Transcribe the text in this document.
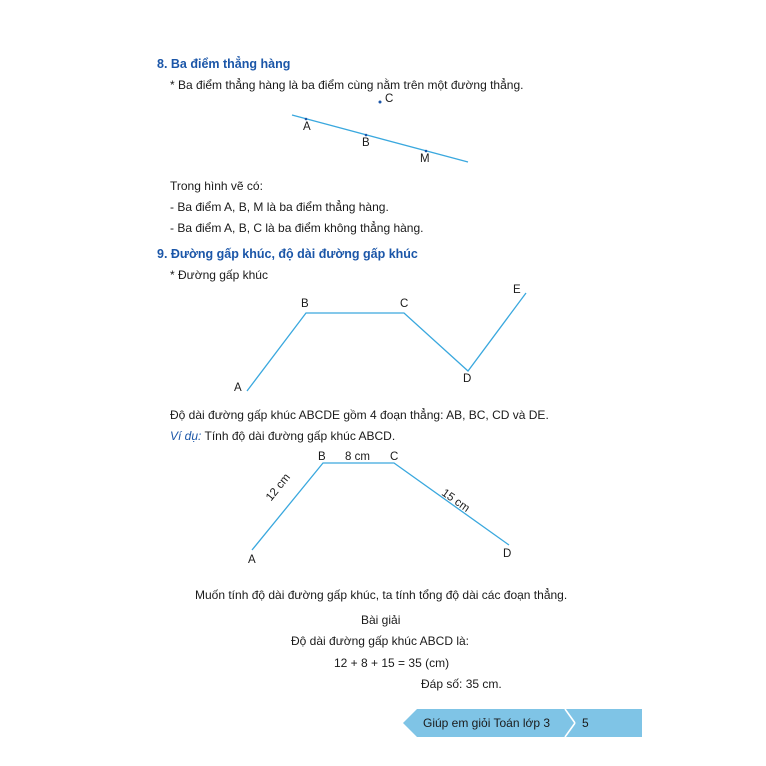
8. Ba điểm thẳng hàng
* Ba điểm thẳng hàng là ba điểm cùng nằm trên một đường thẳng.
A
B
M
C
Trong hình vẽ có:
- Ba điểm A, B, M là ba điểm thẳng hàng.
- Ba điểm A, B, C là ba điểm không thẳng hàng.
9. Đường gấp khúc, độ dài đường gấp khúc
* Đường gấp khúc
A
B	C
D
E
Độ dài đường gấp khúc ABCDE gồm 4 đoạn thẳng: AB, BC, CD và DE.
Ví dụ: Tính độ dài đường gấp khúc ABCD.
A
B	C
D
8 cm
12 cm	15 cm
Muốn tính độ dài đường gấp khúc, ta tính tổng độ dài các đoạn thẳng.
Bài giải
Độ dài đường gấp khúc ABCD là:
12 + 8 + 15 = 35 (cm)
Đáp số: 35 cm.
Giúp em giỏi Toán lớp 3	5
